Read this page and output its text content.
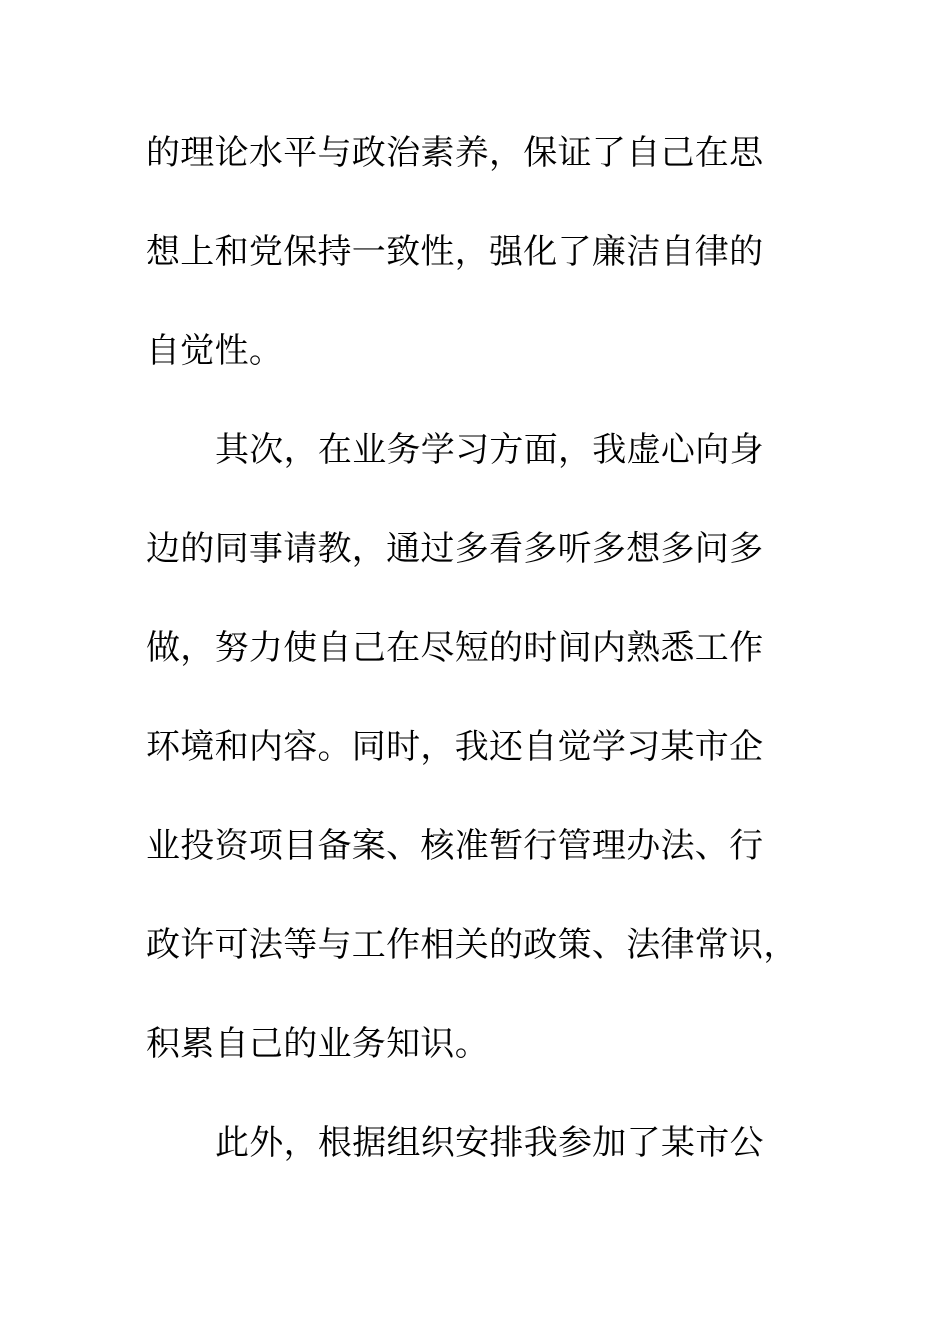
的理论水平与政治素养，保证了自己在思
想上和党保持一致性，强化了廉洁自律的
自觉性。
其次，在业务学习方面，我虚心向身
边的同事请教，通过多看多听多想多问多
做，努力使自己在尽短的时间内熟悉工作
环境和内容。同时，我还自觉学习某市企
业投资项目备案、核准暂行管理办法、行
政许可法等与工作相关的政策、法律常识，
积累自己的业务知识。
此外，根据组织安排我参加了某市公
